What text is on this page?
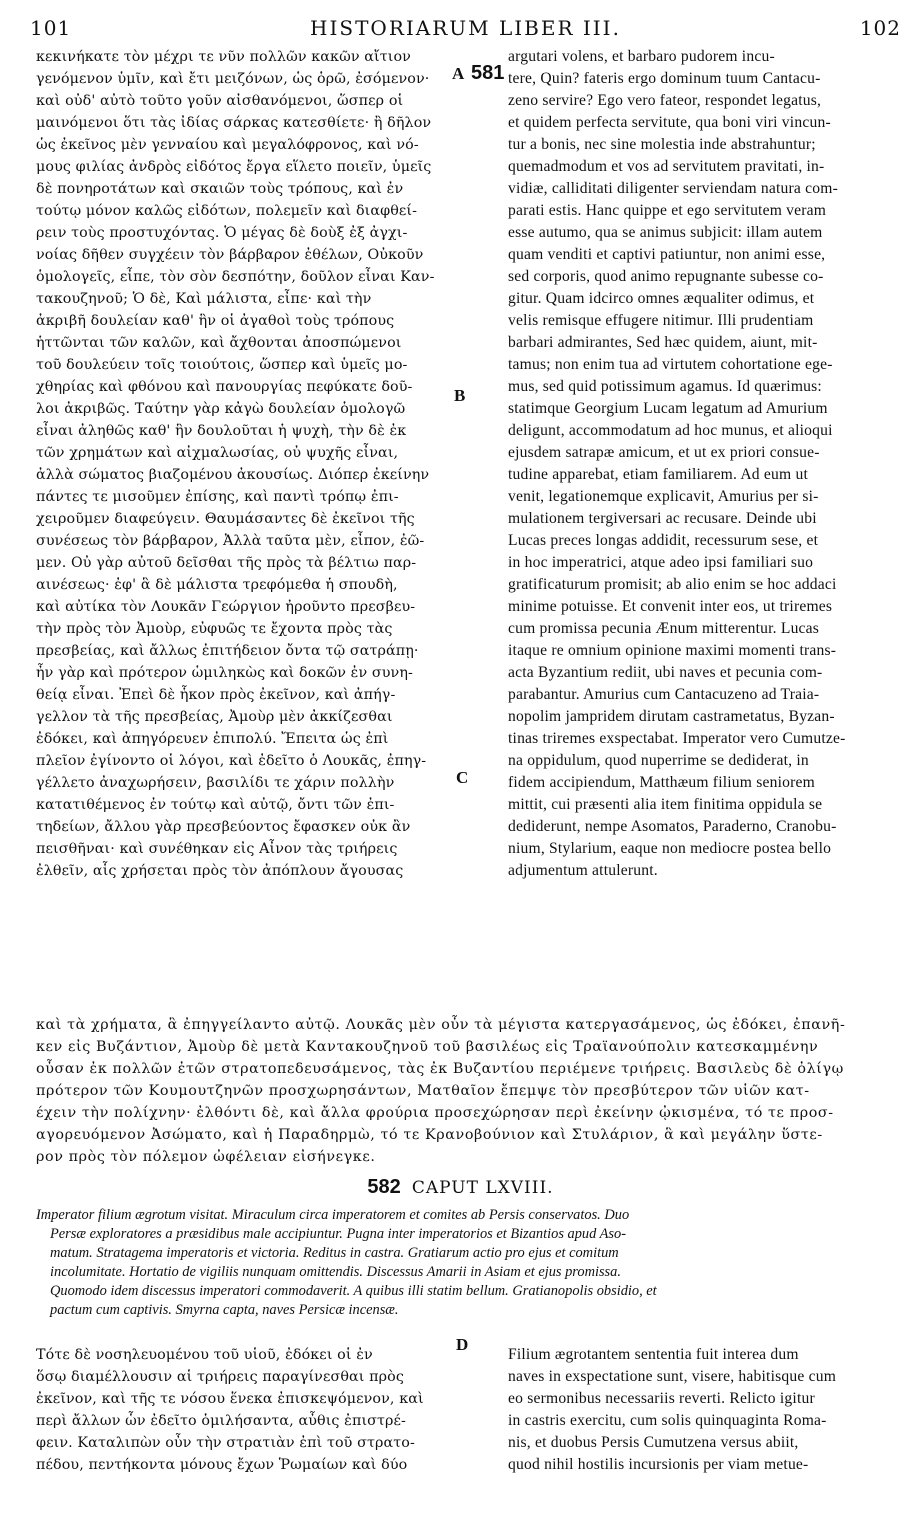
101	HISTORIARUM LIBER III.	102
A 581
B
C
D
κεκινήκατε τὸν μέχρι τε νῦν πολλῶν κακῶν αἴτιον
γενόμενον ὑμῖν, καὶ ἔτι μειζόνων, ὡς ὁρῶ, ἐσόμενον·
καὶ οὐδ' αὐτὸ τοῦτο γοῦν αἰσθανόμενοι, ὥσπερ οἱ
μαινόμενοι ὅτι τὰς ἰδίας σάρκας κατεσθίετε· ἢ δῆλον
ὡς ἐκεῖνος μὲν γενναίου καὶ μεγαλόφρονος, καὶ νό-
μους φιλίας ἀνδρὸς εἰδότος ἔργα εἵλετο ποιεῖν, ὑμεῖς
δὲ πονηροτάτων καὶ σκαιῶν τοὺς τρόπους, καὶ ἐν
τούτῳ μόνον καλῶς εἰδότων, πολεμεῖν καὶ διαφθεί-
ρειν τοὺς προστυχόντας. Ὁ μέγας δὲ δοὺξ ἐξ ἀγχι-
νοίας δῆθεν συγχέειν τὸν βάρβαρον ἐθέλων, Οὐκοῦν
ὁμολογεῖς, εἶπε, τὸν σὸν δεσπότην, δοῦλον εἶναι Καν-
τακουζηνοῦ; Ὁ δὲ, Καὶ μάλιστα, εἶπε· καὶ τὴν
ἀκριβῆ δουλείαν καθ' ἣν οἱ ἀγαθοὶ τοὺς τρόπους
ἡττῶνται τῶν καλῶν, καὶ ἄχθονται ἀποσπώμενοι
τοῦ δουλεύειν τοῖς τοιούτοις, ὥσπερ καὶ ὑμεῖς μο-
χθηρίας καὶ φθόνου καὶ πανουργίας πεφύκατε δοῦ-
λοι ἀκριβῶς. Ταύτην γὰρ κἀγὼ δουλείαν ὁμολογῶ
εἶναι ἀληθῶς καθ' ἣν δουλοῦται ἡ ψυχὴ, τὴν δὲ ἐκ
τῶν χρημάτων καὶ αἰχμαλωσίας, οὐ ψυχῆς εἶναι,
ἀλλὰ σώματος βιαζομένου ἀκουσίως. Διόπερ ἐκείνην
πάντες τε μισοῦμεν ἐπίσης, καὶ παντὶ τρόπῳ ἐπι-
χειροῦμεν διαφεύγειν. Θαυμάσαντες δὲ ἐκεῖνοι τῆς
συνέσεως τὸν βάρβαρον, Ἀλλὰ ταῦτα μὲν, εἶπον, ἐῶ-
μεν. Οὐ γὰρ αὐτοῦ δεῖσθαι τῆς πρὸς τὰ βέλτιω παρ-
αινέσεως· ἐφ' ἃ δὲ μάλιστα τρεφόμεθα ἡ σπουδὴ,
καὶ αὐτίκα τὸν Λουκᾶν Γεώργιον ἠροῦντο πρεσβευ-
τὴν πρὸς τὸν Ἀμοὺρ, εὐφυῶς τε ἔχοντα πρὸς τὰς
πρεσβείας, καὶ ἄλλως ἐπιτήδειον ὄντα τῷ σατράπῃ·
ἦν γὰρ καὶ πρότερον ὡμιληκὼς καὶ δοκῶν ἐν συνη-
θείᾳ εἶναι. Ἐπεὶ δὲ ἧκον πρὸς ἐκεῖνον, καὶ ἀπήγ-
γελλον τὰ τῆς πρεσβείας, Ἀμοὺρ μὲν ἀκκίζεσθαι
ἐδόκει, καὶ ἀπηγόρευεν ἐπιπολύ. Ἔπειτα ὡς ἐπὶ
πλεῖον ἐγίνοντο οἱ λόγοι, καὶ ἐδεῖτο ὁ Λουκᾶς, ἐπηγ-
γέλλετο ἀναχωρήσειν, βασιλίδι τε χάριν πολλὴν
κατατιθέμενος ἐν τούτῳ καὶ αὐτῷ, ὄντι τῶν ἐπι-
τηδείων, ἄλλου γὰρ πρεσβεύοντος ἔφασκεν οὐκ ἂν
πεισθῆναι· καὶ συνέθηκαν εἰς Αἶνον τὰς τριήρεις
ἐλθεῖν, αἷς χρήσεται πρὸς τὸν ἀπόπλουν ἄγουσας
argutari volens, et barbaro pudorem incu-
tere, Quin? fateris ergo dominum tuum Cantacu-
zeno servire? Ego vero fateor, respondet legatus,
et quidem perfecta servitute, qua boni viri vincun-
tur a bonis, nec sine molestia inde abstrahuntur;
quemadmodum et vos ad servitutem pravitati, in-
vidiæ, calliditati diligenter serviendam natura com-
parati estis. Hanc quippe et ego servitutem veram
esse autumo, qua se animus subjicit: illam autem
quam venditi et captivi patiuntur, non animi esse,
sed corporis, quod animo repugnante subesse co-
gitur. Quam idcirco omnes æqualiter odimus, et
velis remisque effugere nitimur. Illi prudentiam
barbari admirantes, Sed hæc quidem, aiunt, mit-
tamus; non enim tua ad virtutem cohortatione ege-
mus, sed quid potissimum agamus. Id quærimus:
statimque Georgium Lucam legatum ad Amurium
deligunt, accommodatum ad hoc munus, et alioqui
ejusdem satrapæ amicum, et ut ex priori consue-
tudine apparebat, etiam familiarem. Ad eum ut
venit, legationemque explicavit, Amurius per si-
mulationem tergiversari ac recusare. Deinde ubi
Lucas preces longas addidit, recessurum sese, et
in hoc imperatrici, atque adeo ipsi familiari suo
gratificaturum promisit; ab alio enim se hoc addaci
minime potuisse. Et convenit inter eos, ut triremes
cum promissa pecunia Ænum mitterentur. Lucas
itaque re omnium opinione maximi momenti trans-
acta Byzantium rediit, ubi naves et pecunia com-
parabantur. Amurius cum Cantacuzeno ad Traia-
nopolim jampridem dirutam castrametatus, Byzan-
tinas triremes exspectabat. Imperator vero Cumutze-
na oppidulum, quod nuperrime se dediderat, in
fidem accipiendum, Matthæum filium seniorem
mittit, cui præsenti alia item finitima oppidula se
dediderunt, nempe Asomatos, Paraderno, Cranobu-
nium, Stylarium, eaque non mediocre postea bello
adjumentum attulerunt.
καὶ τὰ χρήματα, ἃ ἐπηγγείλαντο αὐτῷ. Λουκᾶς μὲν οὖν τὰ μέγιστα κατεργασάμενος, ὡς ἐδόκει, ἐπανῆ-
κεν εἰς Βυζάντιον, Ἀμοὺρ δὲ μετὰ Καντακουζηνοῦ τοῦ βασιλέως εἰς Τραϊανούπολιν κατεσκαμμένην
οὖσαν ἐκ πολλῶν ἐτῶν στρατοπεδευσάμενος, τὰς ἐκ Βυζαντίου περιέμενε τριήρεις. Βασιλεὺς δὲ ὀλίγῳ
πρότερον τῶν Κουμουτζηνῶν προσχωρησάντων, Ματθαῖον ἔπεμψε τὸν πρεσβύτερον τῶν υἱῶν κατ-
έχειν τὴν πολίχνην· ἐλθόντι δὲ, καὶ ἄλλα φρούρια προσεχώρησαν περὶ ἐκείνην ᾠκισμένα, τό τε προσ-
αγορευόμενον Ἀσώματο, καὶ ἡ Παραδηρμὼ, τό τε Κρανοβούνιον καὶ Στυλάριον, ἃ καὶ μεγάλην ὕστε-
ρον πρὸς τὸν πόλεμον ὠφέλειαν εἰσήνεγκε.
582 CAPUT LXVIII.
Imperator filium ægrotum visitat. Miraculum circa imperatorem et comites ab Persis conservatos. Duo
Persæ exploratores a præsidibus male accipiuntur. Pugna inter imperatorios et Bizantios apud Aso-
matum. Stratagema imperatoris et victoria. Reditus in castra. Gratiarum actio pro ejus et comitum
incolumitate. Hortatio de vigiliis nunquam omittendis. Discessus Amarii in Asiam et ejus promissa.
Quomodo idem discessus imperatori commodaverit. A quibus illi statim bellum. Gratianopolis obsidio, et
pactum cum captivis. Smyrna capta, naves Persicæ incensæ.
Τότε δὲ νοσηλευομένου τοῦ υἱοῦ, ἐδόκει οἱ ἐν
ὅσῳ διαμέλλουσιν αἱ τριήρεις παραγίνεσθαι πρὸς
ἐκεῖνον, καὶ τῆς τε νόσου ἕνεκα ἐπισκεψόμενον, καὶ
περὶ ἄλλων ὧν ἐδεῖτο ὁμιλήσαντα, αὖθις ἐπιστρέ-
φειν. Καταλιπὼν οὖν τὴν στρατιὰν ἐπὶ τοῦ στρατο-
πέδου, πεντήκοντα μόνους ἔχων Ῥωμαίων καὶ δύο
Filium ægrotantem sententia fuit interea dum
naves in exspectatione sunt, visere, habitisque cum
eo sermonibus necessariis reverti. Relicto igitur
in castris exercitu, cum solis quinquaginta Roma-
nis, et duobus Persis Cumutzena versus abiit,
quod nihil hostilis incursionis per viam metue-
